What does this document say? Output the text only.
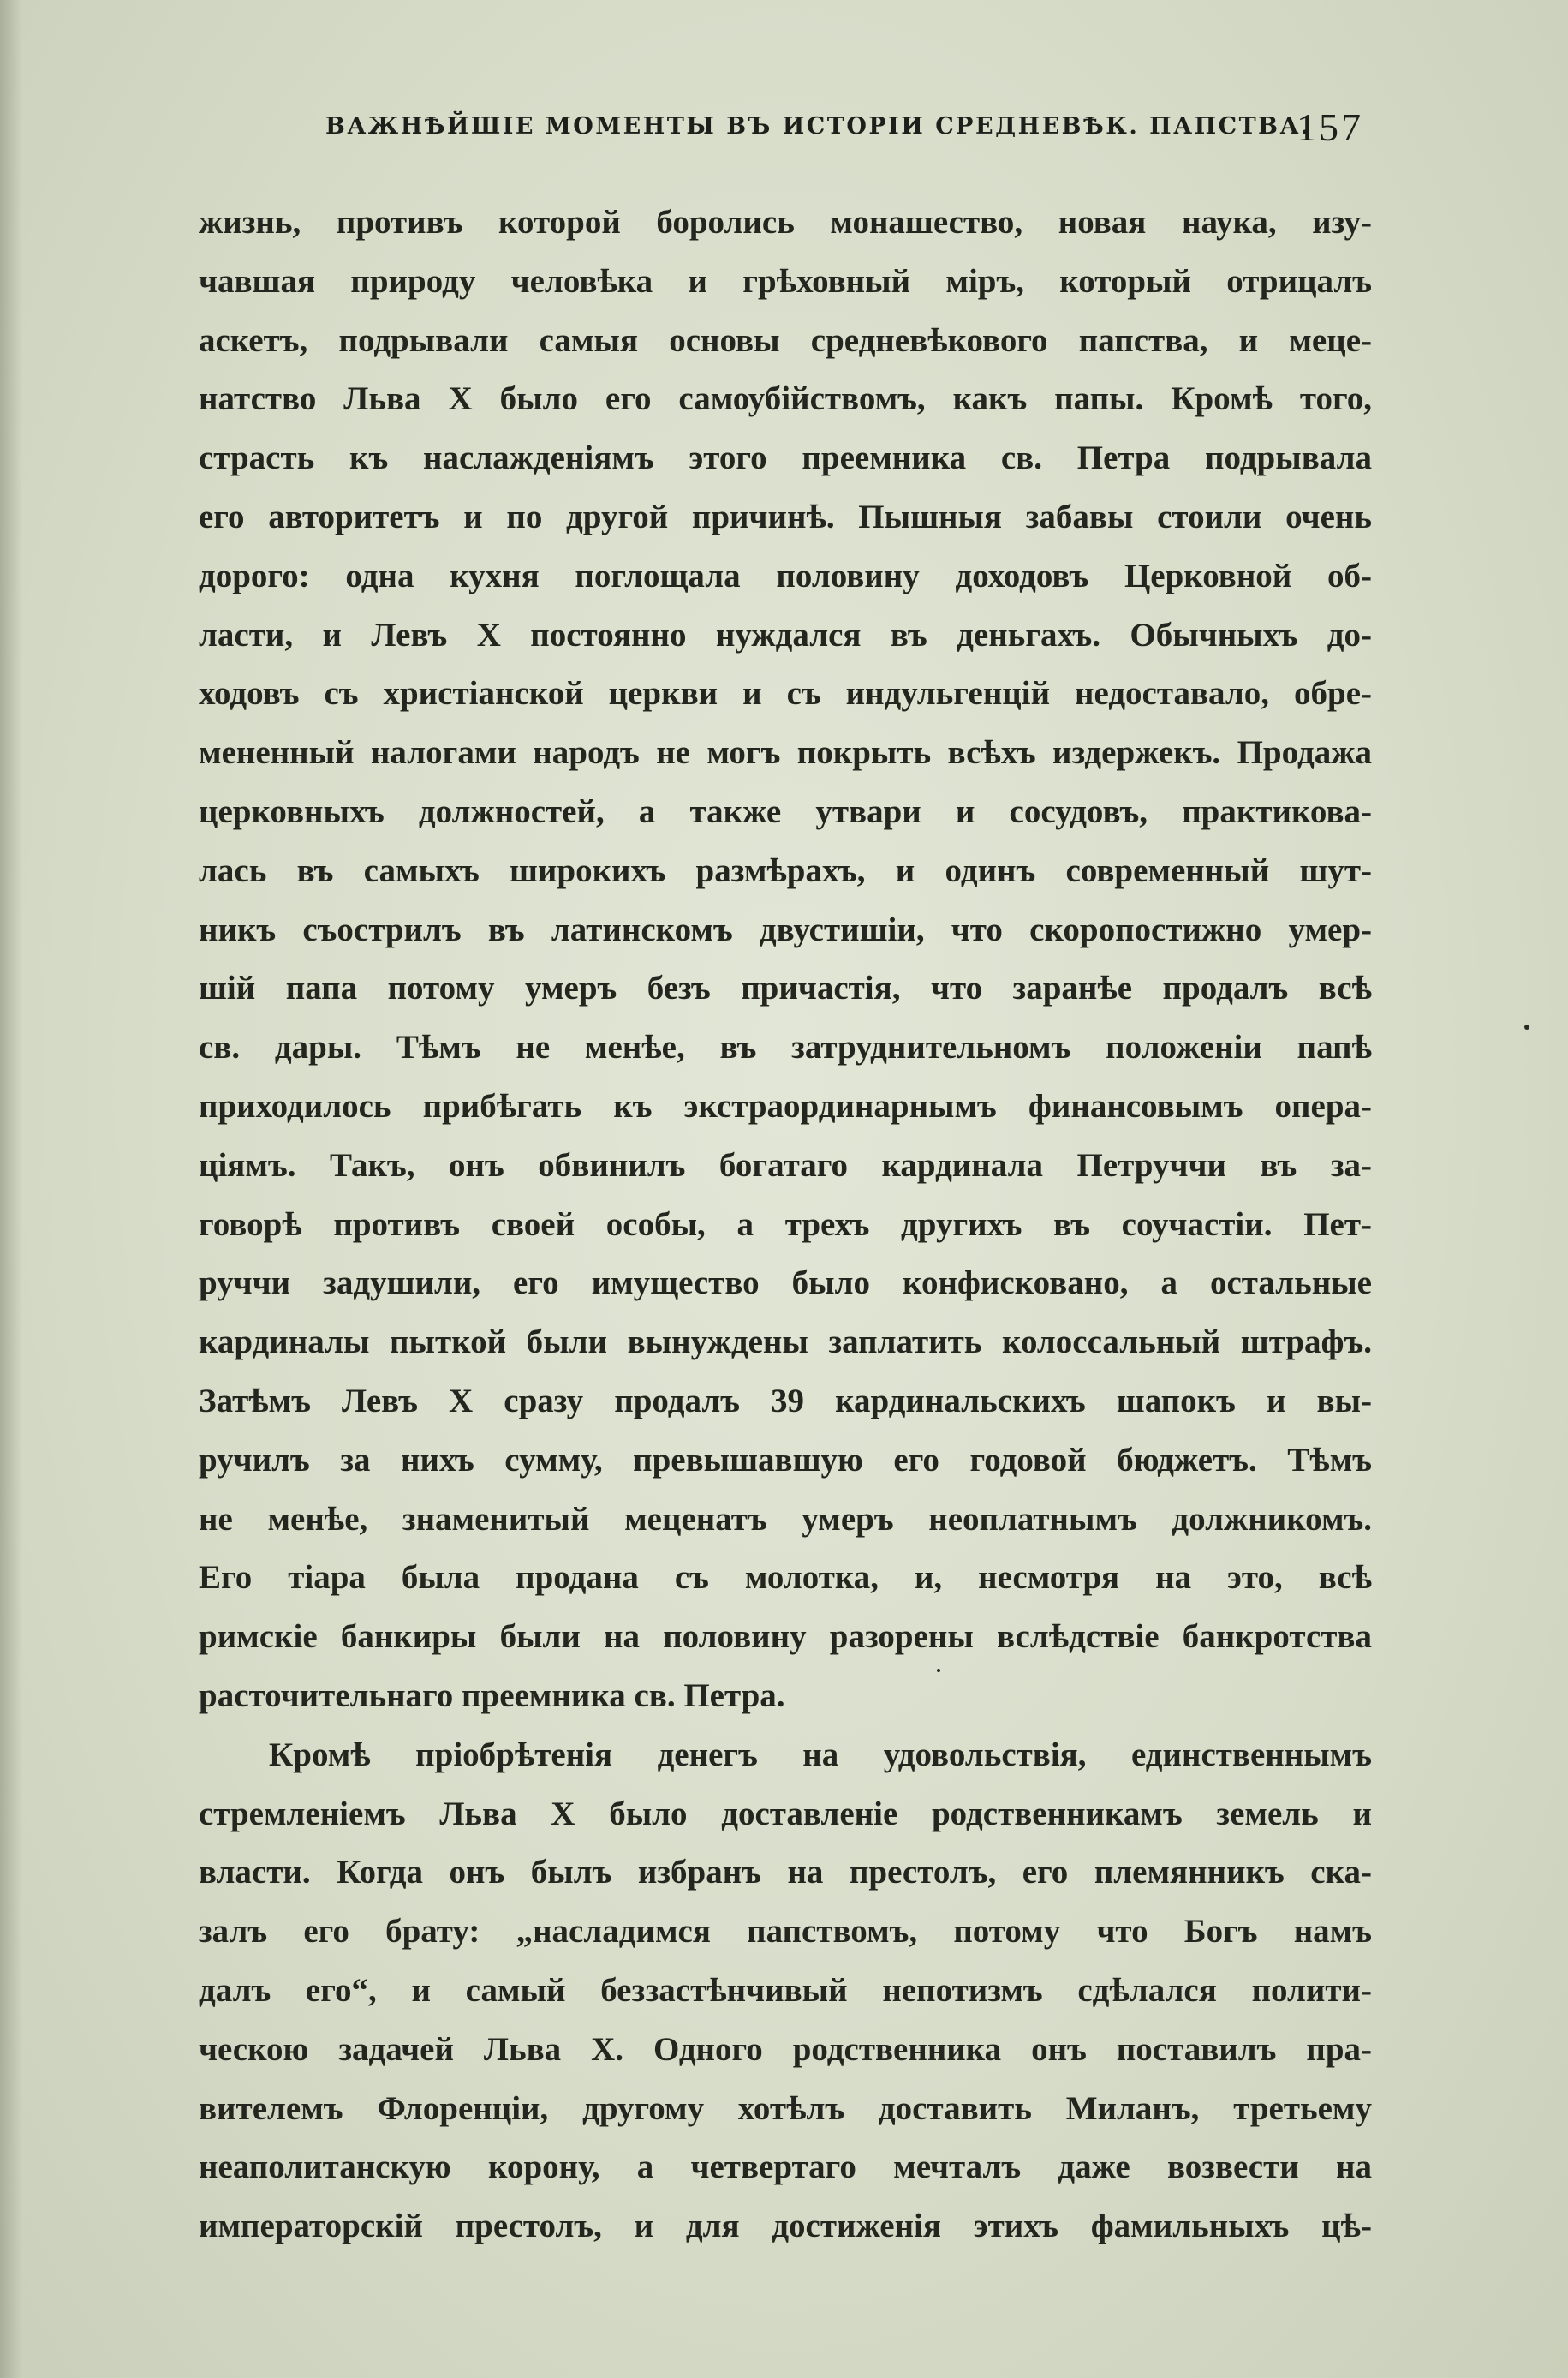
ВАЖНѢЙШІЕ МОМЕНТЫ ВЪ ИСТОРІИ СРЕДНЕВѢК. ПАПСТВА.
157
жизнь, противъ которой боролись монашество, новая наука, изу-
чавшая природу человѣка и грѣховный міръ, который отрицалъ
аскетъ, подрывали самыя основы средневѣкового папства, и меце-
натство Льва X было его самоубійствомъ, какъ папы. Кромѣ того,
страсть къ наслажденіямъ этого преемника св. Петра подрывала
его авторитетъ и по другой причинѣ. Пышныя забавы стоили очень
дорого: одна кухня поглощала половину доходовъ Церковной об-
ласти, и Левъ X постоянно нуждался въ деньгахъ. Обычныхъ до-
ходовъ съ христіанской церкви и съ индульгенцій недоставало, обре-
мененный налогами народъ не могъ покрыть всѣхъ издержекъ. Продажа
церковныхъ должностей, а также утвари и сосудовъ, практикова-
лась въ самыхъ широкихъ размѣрахъ, и одинъ современный шут-
никъ съострилъ въ латинскомъ двустишіи, что скоропостижно умер-
шій папа потому умеръ безъ причастія, что заранѣе продалъ всѣ
св. дары. Тѣмъ не менѣе, въ затруднительномъ положеніи папѣ
приходилось прибѣгать къ экстраординарнымъ финансовымъ опера-
ціямъ. Такъ, онъ обвинилъ богатаго кардинала Петруччи въ за-
говорѣ противъ своей особы, а трехъ другихъ въ соучастіи. Пет-
руччи задушили, его имущество было конфисковано, а остальные
кардиналы пыткой были вынуждены заплатить колоссальный штрафъ.
Затѣмъ Левъ X сразу продалъ 39 кардинальскихъ шапокъ и вы-
ручилъ за нихъ сумму, превышавшую его годовой бюджетъ. Тѣмъ
не менѣе, знаменитый меценатъ умеръ неоплатнымъ должникомъ.
Его тіара была продана съ молотка, и, несмотря на это, всѣ
римскіе банкиры были на половину разорены вслѣдствіе банкротства
расточительнаго преемника св. Петра.
Кромѣ пріобрѣтенія денегъ на удовольствія, единственнымъ
стремленіемъ Льва X было доставленіе родственникамъ земель и
власти. Когда онъ былъ избранъ на престолъ, его племянникъ ска-
залъ его брату: „насладимся папствомъ, потому что Богъ намъ
далъ его“, и самый беззастѣнчивый непотизмъ сдѣлался полити-
ческою задачей Льва X. Одного родственника онъ поставилъ пра-
вителемъ Флоренціи, другому хотѣлъ доставить Миланъ, третьему
неаполитанскую корону, а четвертаго мечталъ даже возвести на
императорскій престолъ, и для достиженія этихъ фамильныхъ цѣ-
